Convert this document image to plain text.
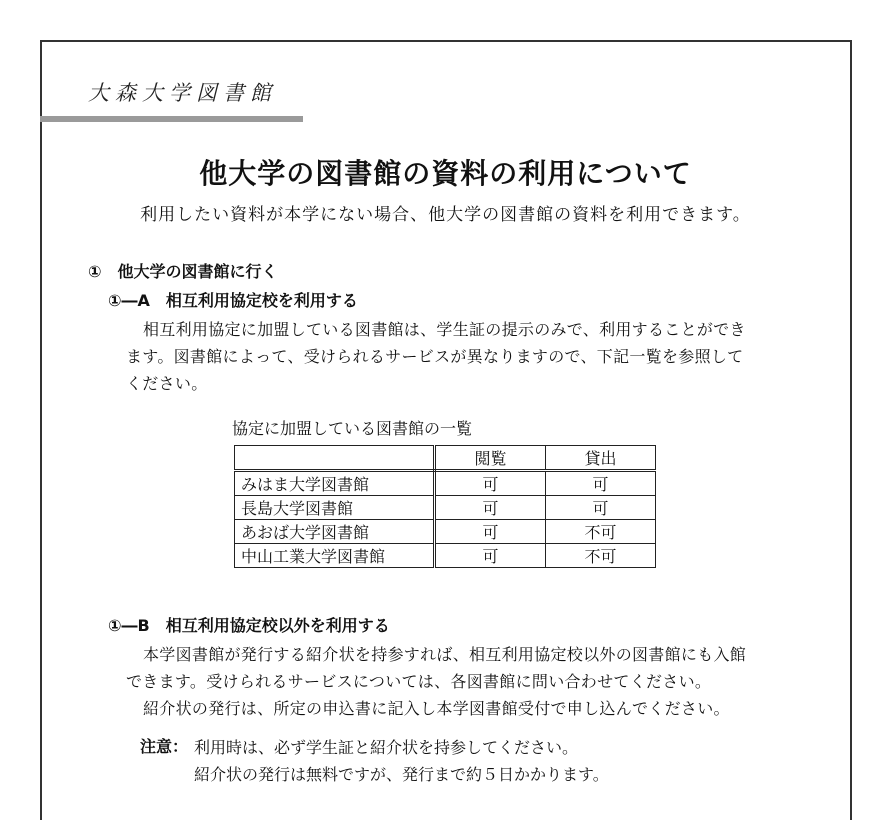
大森大学図書館
他大学の図書館の資料の利用について
利用したい資料が本学にない場合、他大学の図書館の資料を利用できます。
①　他大学の図書館に行く
①―A　相互利用協定校を利用する
相互利用協定に加盟している図書館は、学生証の提示のみで、利用することができ
ます。図書館によって、受けられるサービスが異なりますので、下記一覧を参照して
ください。
協定に加盟している図書館の一覧
	閲覧	貸出
みはま大学図書館	可	可
長島大学図書館	可	可
あおば大学図書館	可	不可
中山工業大学図書館	可	不可
①―B　相互利用協定校以外を利用する
本学図書館が発行する紹介状を持参すれば、相互利用協定校以外の図書館にも入館
できます。受けられるサービスについては、各図書館に問い合わせてください。
紹介状の発行は、所定の申込書に記入し本学図書館受付で申し込んでください。
注意： 利用時は、必ず学生証と紹介状を持参してください。
紹介状の発行は無料ですが、発行まで約５日かかります。
